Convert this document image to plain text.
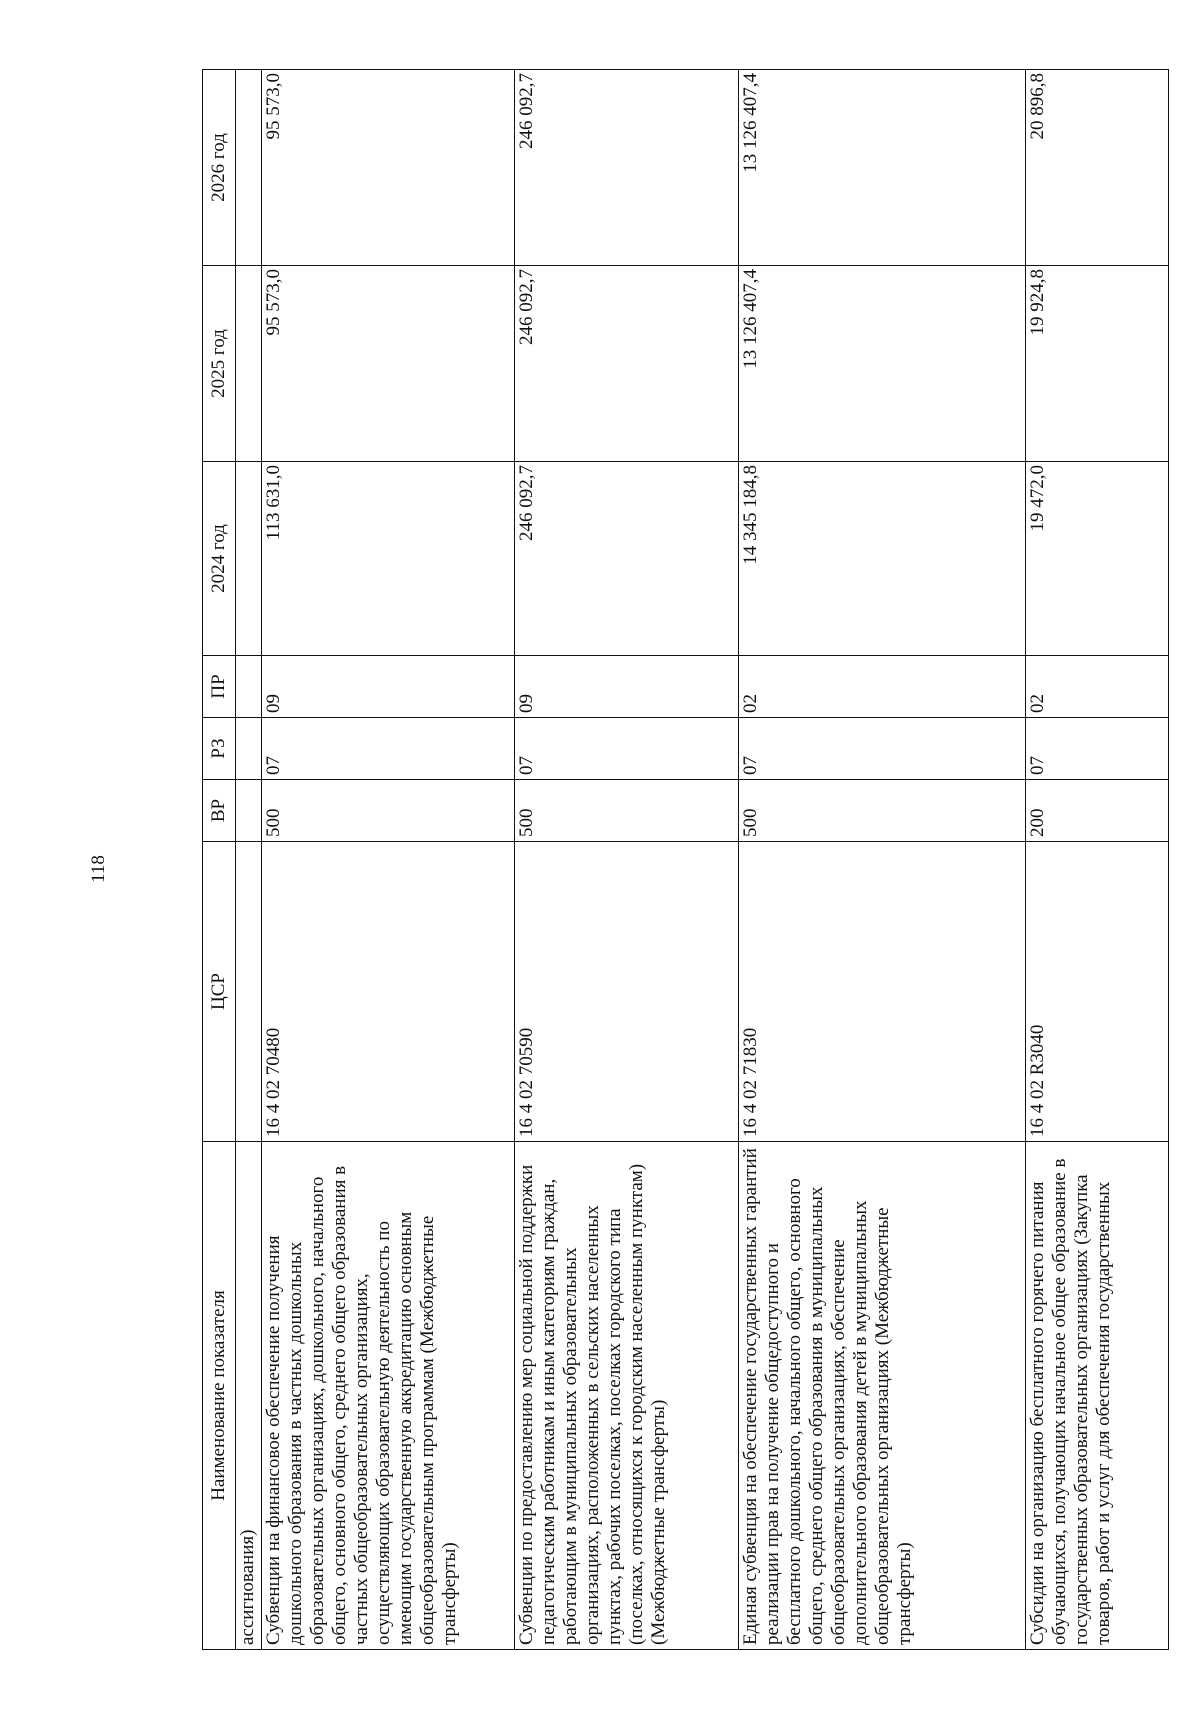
118
Наименование показателя	ЦСР	ВР	РЗ	ПР	2024 год	2025 год	2026 год
ассигнования)							
Субвенции на финансовое обеспечение получения дошкольного образования в частных дошкольных образовательных организациях, дошкольного, начального общего, основного общего, среднего общего образования в частных общеобразовательных организациях, осуществляющих образовательную деятельность по имеющим государственную аккредитацию основным общеобразовательным программам (Межбюджетные трансферты)	16 4 02 70480	500	07	09	113 631,0	95 573,0	95 573,0
Субвенции по предоставлению мер социальной поддержки педагогическим работникам и иным категориям граждан, работающим в муниципальных образовательных организациях, расположенных в сельских населенных пунктах, рабочих поселках, поселках городского типа (поселках, относящихся к городским населенным пунктам) (Межбюджетные трансферты)	16 4 02 70590	500	07	09	246 092,7	246 092,7	246 092,7
Единая субвенция на обеспечение государственных гарантий реализации прав на получение общедоступного и бесплатного дошкольного, начального общего, основного общего, среднего общего образования в муниципальных общеобразовательных организациях, обеспечение дополнительного образования детей в муниципальных общеобразовательных организациях (Межбюджетные трансферты)	16 4 02 71830	500	07	02	14 345 184,8	13 126 407,4	13 126 407,4
Субсидии на организацию бесплатного горячего питания обучающихся, получающих начальное общее образование в государственных образовательных организациях (Закупка товаров, работ и услуг для обеспечения государственных	16 4 02 R3040	200	07	02	19 472,0	19 924,8	20 896,8
